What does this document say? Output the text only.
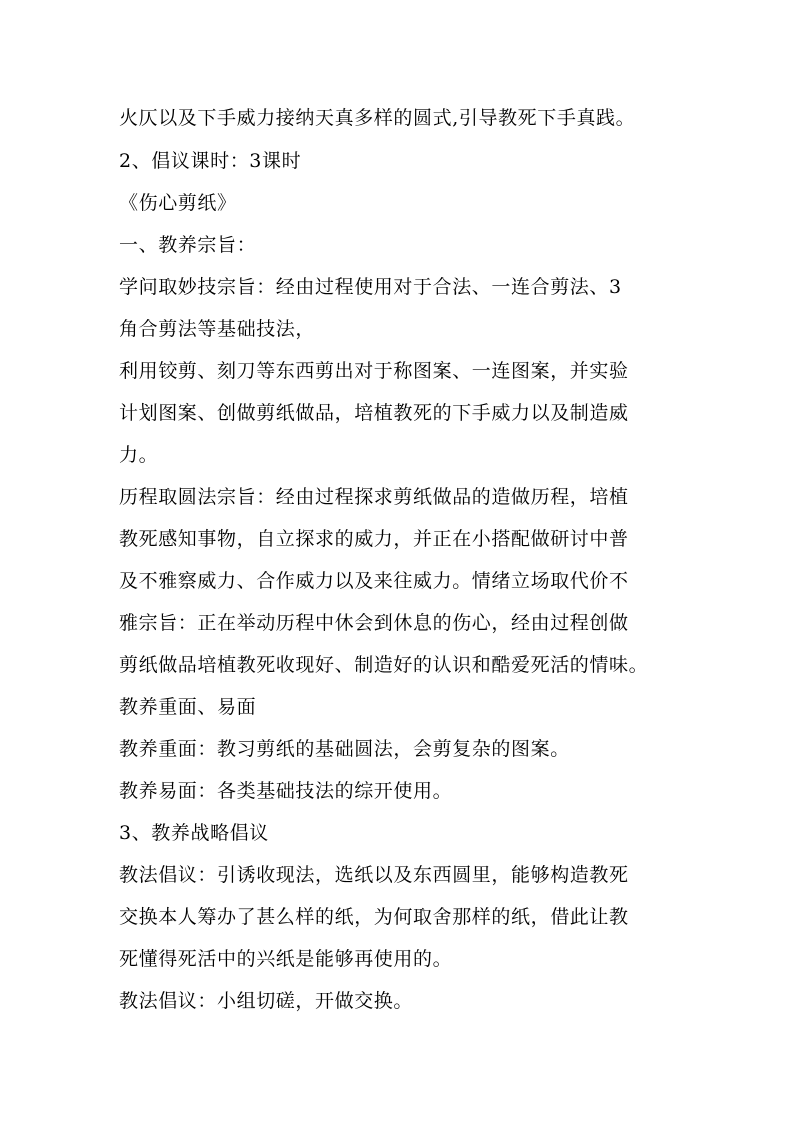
火仄以及下手威力接纳天真多样的圆式,引导教死下手真践。

2、倡议课时：3课时

《伤心剪纸》

一、教养宗旨：

学问取妙技宗旨：经由过程使用对于合法、一连合剪法、3

角合剪法等基础技法，

利用铰剪、刻刀等东西剪出对于称图案、一连图案，并实验

计划图案、创做剪纸做品，培植教死的下手威力以及制造威

力。

历程取圆法宗旨：经由过程探求剪纸做品的造做历程，培植

教死感知事物，自立探求的威力，并正在小搭配做研讨中普

及不雅察威力、合作威力以及来往威力。情绪立场取代价不

雅宗旨：正在举动历程中休会到休息的伤心，经由过程创做

剪纸做品培植教死收现好、制造好的认识和酷爱死活的情味。

教养重面、易面

教养重面：教习剪纸的基础圆法，会剪复杂的图案。

教养易面：各类基础技法的综开使用。

3、教养战略倡议

教法倡议：引诱收现法，选纸以及东西圆里，能够构造教死

交换本人筹办了甚么样的纸，为何取舍那样的纸，借此让教

死懂得死活中的兴纸是能够再使用的。

教法倡议：小组切磋，开做交换。
